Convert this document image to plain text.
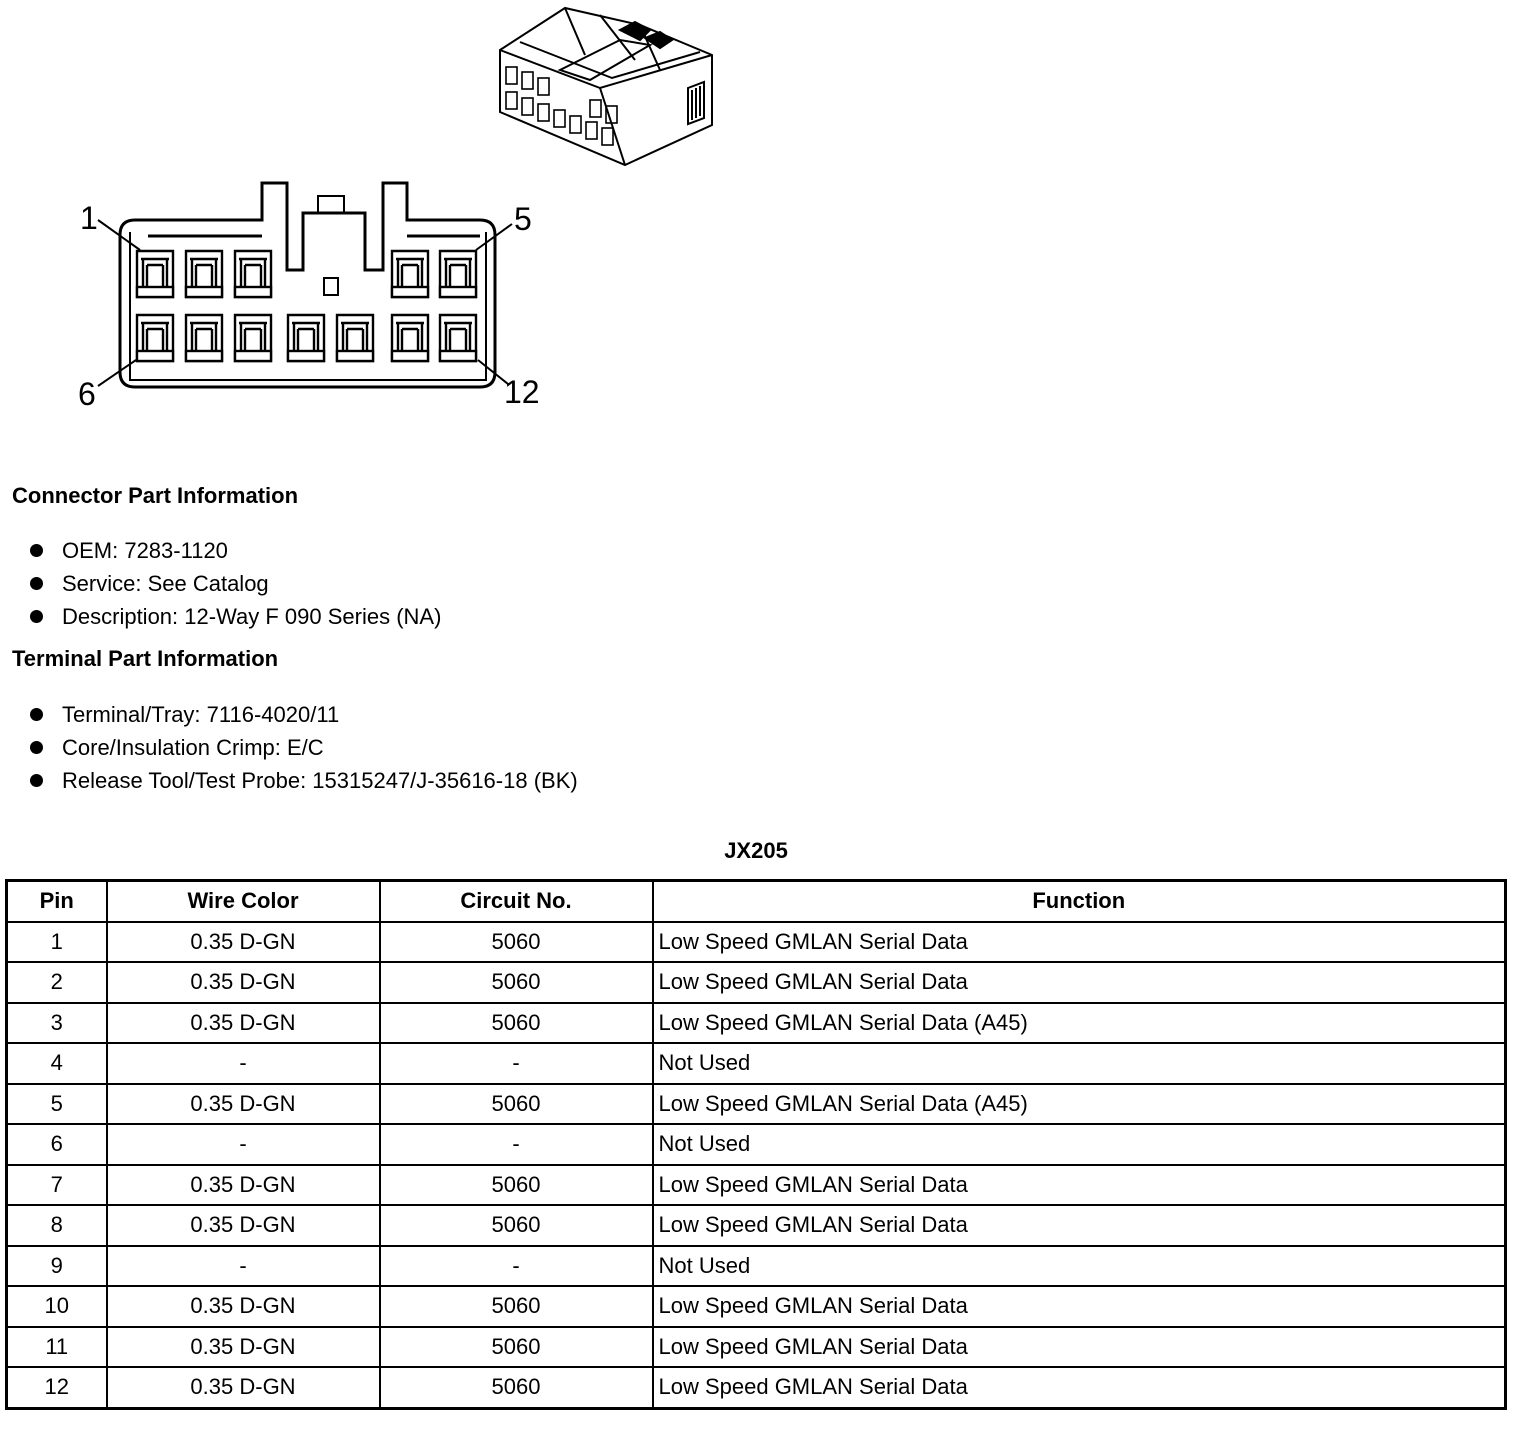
1	5
6	12
Connector Part Information
OEM: 7283-1120
Service: See Catalog
Description: 12-Way F 090 Series (NA)
Terminal Part Information
Terminal/Tray: 7116-4020/11
Core/Insulation Crimp: E/C
Release Tool/Test Probe: 15315247/J-35616-18 (BK)
JX205
Pin	Wire Color	Circuit No.	Function
1	0.35 D-GN	5060	Low Speed GMLAN Serial Data
2	0.35 D-GN	5060	Low Speed GMLAN Serial Data
3	0.35 D-GN	5060	Low Speed GMLAN Serial Data (A45)
4	-	-	Not Used
5	0.35 D-GN	5060	Low Speed GMLAN Serial Data (A45)
6	-	-	Not Used
7	0.35 D-GN	5060	Low Speed GMLAN Serial Data
8	0.35 D-GN	5060	Low Speed GMLAN Serial Data
9	-	-	Not Used
10	0.35 D-GN	5060	Low Speed GMLAN Serial Data
11	0.35 D-GN	5060	Low Speed GMLAN Serial Data
12	0.35 D-GN	5060	Low Speed GMLAN Serial Data
